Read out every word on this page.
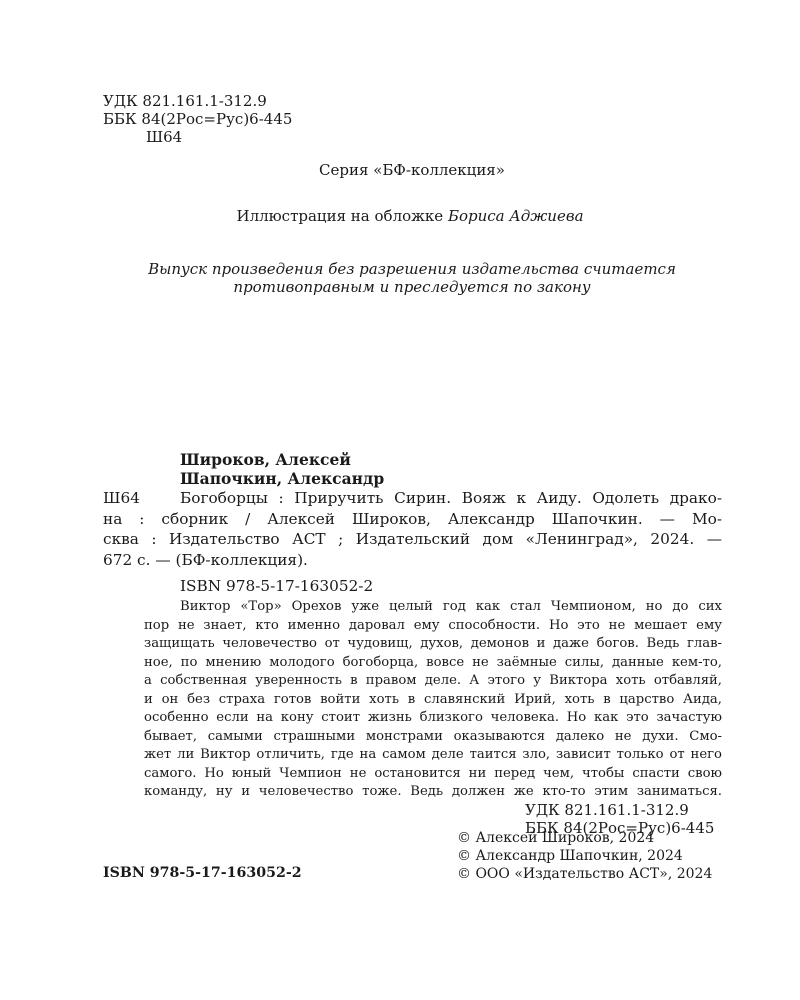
УДК 821.161.1-312.9
ББК 84(2Рос=Рус)6-445
Ш64
Серия «БФ-коллекция»
Иллюстрация на обложке Бориса Аджиева
Выпуск произведения без разрешения издательства считается
противоправным и преследуется по закону
Широков, Алексей
Шапочкин, Александр
Ш64	Богоборцы : Приручить Сирин. Вояж к Аиду. Одолеть драко-
на : сборник / Алексей Широков, Александр Шапочкин. — Мо-
сква : Издательство АСТ ; Издательский дом «Ленинград», 2024. —
672 с. — (БФ-коллекция).
ISBN 978-5-17-163052-2
Виктор «Тор» Орехов уже целый год как стал Чемпионом, но до сих
пор не знает, кто именно даровал ему способности. Но это не мешает ему
защищать человечество от чудовищ, духов, демонов и даже богов. Ведь глав-
ное, по мнению молодого богоборца, вовсе не заёмные силы, данные кем-то,
а собственная уверенность в правом деле. А этого у Виктора хоть отбавляй,
и он без страха готов войти хоть в славянский Ирий, хоть в царство Аида,
особенно если на кону стоит жизнь близкого человека. Но как это зачастую
бывает, самыми страшными монстрами оказываются далеко не духи. Смо-
жет ли Виктор отличить, где на самом деле таится зло, зависит только от него
самого. Но юный Чемпион не остановится ни перед чем, чтобы спасти свою
команду, ну и человечество тоже. Ведь должен же кто-то этим заниматься.
УДК 821.161.1-312.9
ББК 84(2Рос=Рус)6-445
© Алексей Широков, 2024
© Александр Шапочкин, 2024
© ООО «Издательство АСТ», 2024
ISBN 978-5-17-163052-2
